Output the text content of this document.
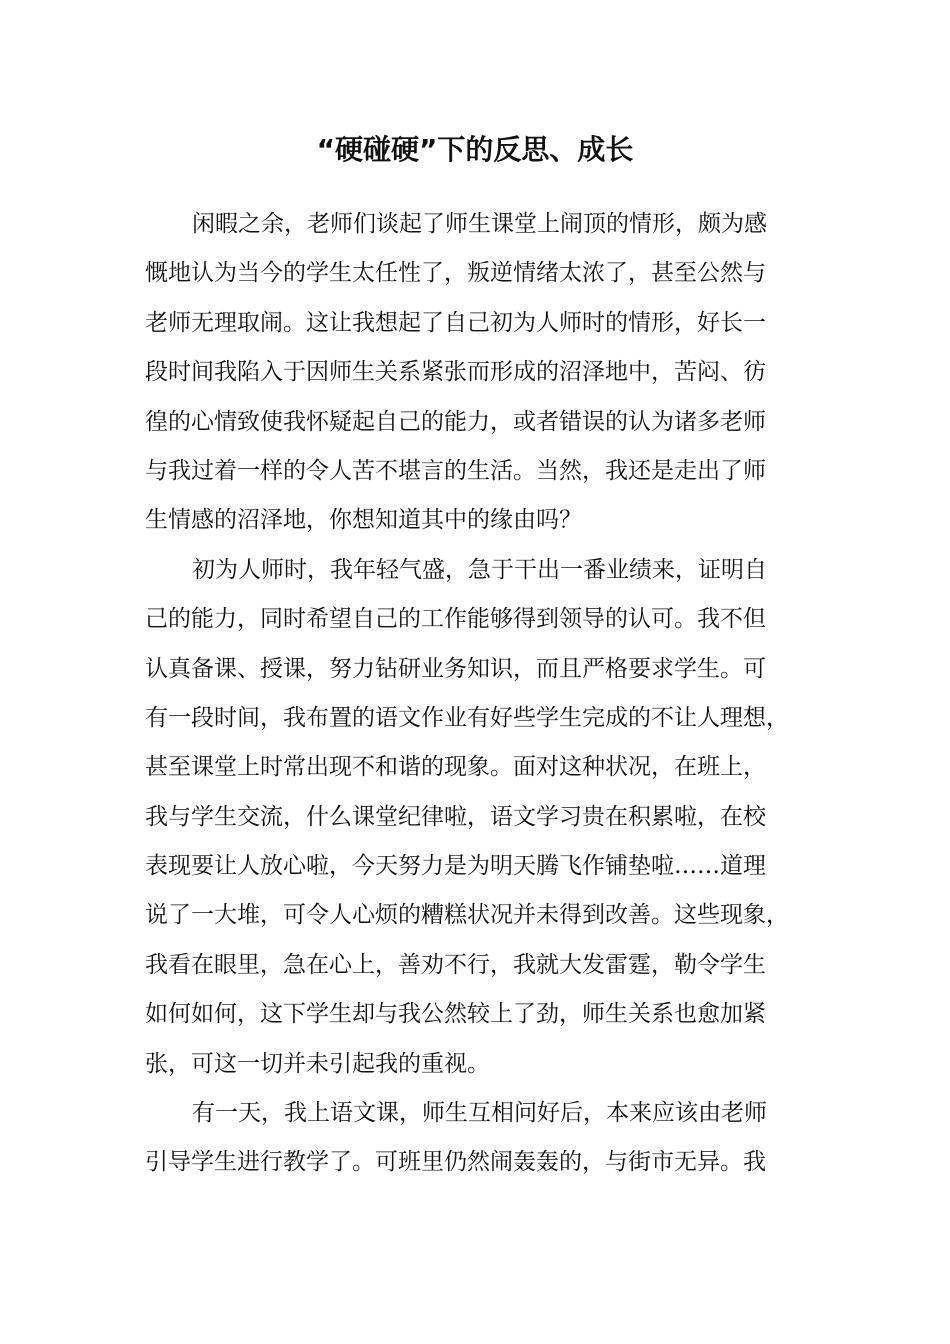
“硬碰硬”下的反思、成长
闲暇之余，老师们谈起了师生课堂上闹顶的情形，颇为感
慨地认为当今的学生太任性了，叛逆情绪太浓了，甚至公然与
老师无理取闹。这让我想起了自己初为人师时的情形，好长一
段时间我陷入于因师生关系紧张而形成的沼泽地中，苦闷、彷
徨的心情致使我怀疑起自己的能力，或者错误的认为诸多老师
与我过着一样的令人苦不堪言的生活。当然，我还是走出了师
生情感的沼泽地，你想知道其中的缘由吗？
初为人师时，我年轻气盛，急于干出一番业绩来，证明自
己的能力，同时希望自己的工作能够得到领导的认可。我不但
认真备课、授课，努力钻研业务知识，而且严格要求学生。可
有一段时间，我布置的语文作业有好些学生完成的不让人理想，
甚至课堂上时常出现不和谐的现象。面对这种状况，在班上，
我与学生交流，什么课堂纪律啦，语文学习贵在积累啦，在校
表现要让人放心啦，今天努力是为明天腾飞作铺垫啦……道理
说了一大堆，可令人心烦的糟糕状况并未得到改善。这些现象，
我看在眼里，急在心上，善劝不行，我就大发雷霆，勒令学生
如何如何，这下学生却与我公然较上了劲，师生关系也愈加紧
张，可这一切并未引起我的重视。
有一天，我上语文课，师生互相问好后，本来应该由老师
引导学生进行教学了。可班里仍然闹轰轰的，与街市无异。我
